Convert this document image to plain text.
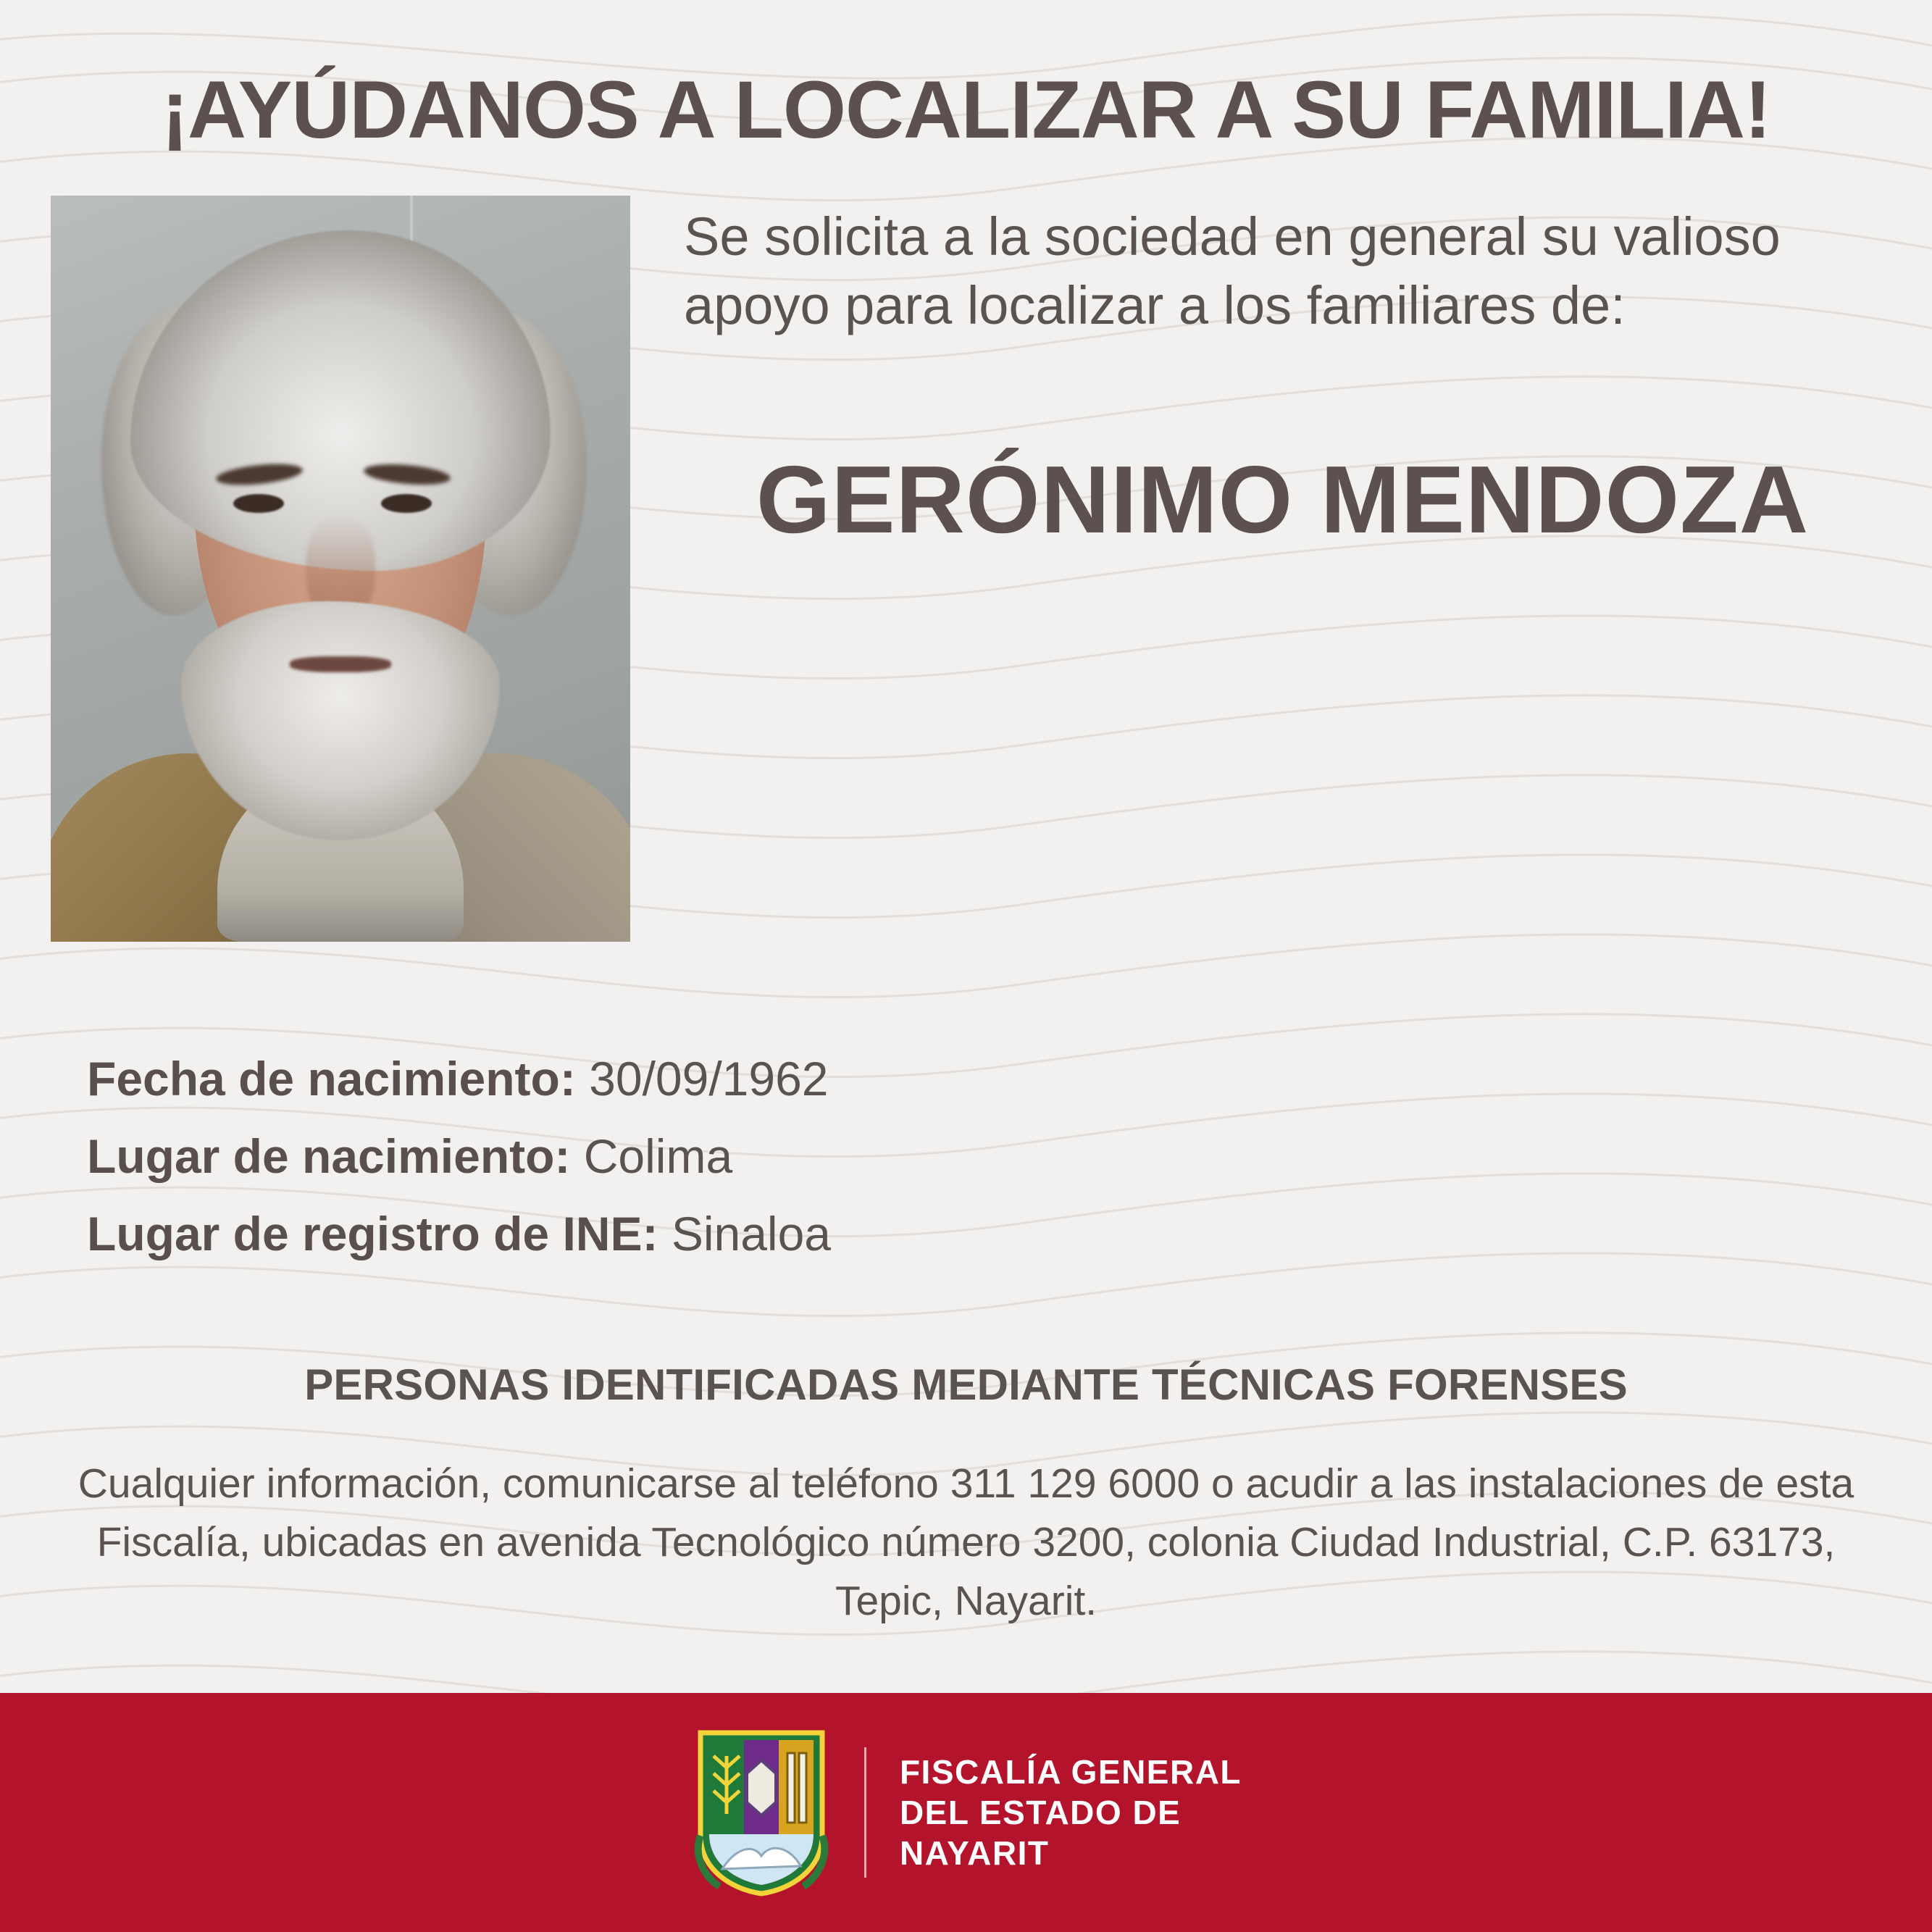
¡AYÚDANOS A LOCALIZAR A SU FAMILIA!
Se solicita a la sociedad en general su valioso apoyo para localizar a los familiares de:
GERÓNIMO MENDOZA
Fecha de nacimiento: 30/09/1962
Lugar de nacimiento: Colima
Lugar de registro de INE: Sinaloa
PERSONAS IDENTIFICADAS MEDIANTE TÉCNICAS FORENSES
Cualquier información, comunicarse al teléfono 311 129 6000 o acudir a las instalaciones de esta Fiscalía, ubicadas en avenida Tecnológico número 3200, colonia Ciudad Industrial, C.P. 63173, Tepic, Nayarit.
FISCALÍA GENERAL
DEL ESTADO DE
NAYARIT
